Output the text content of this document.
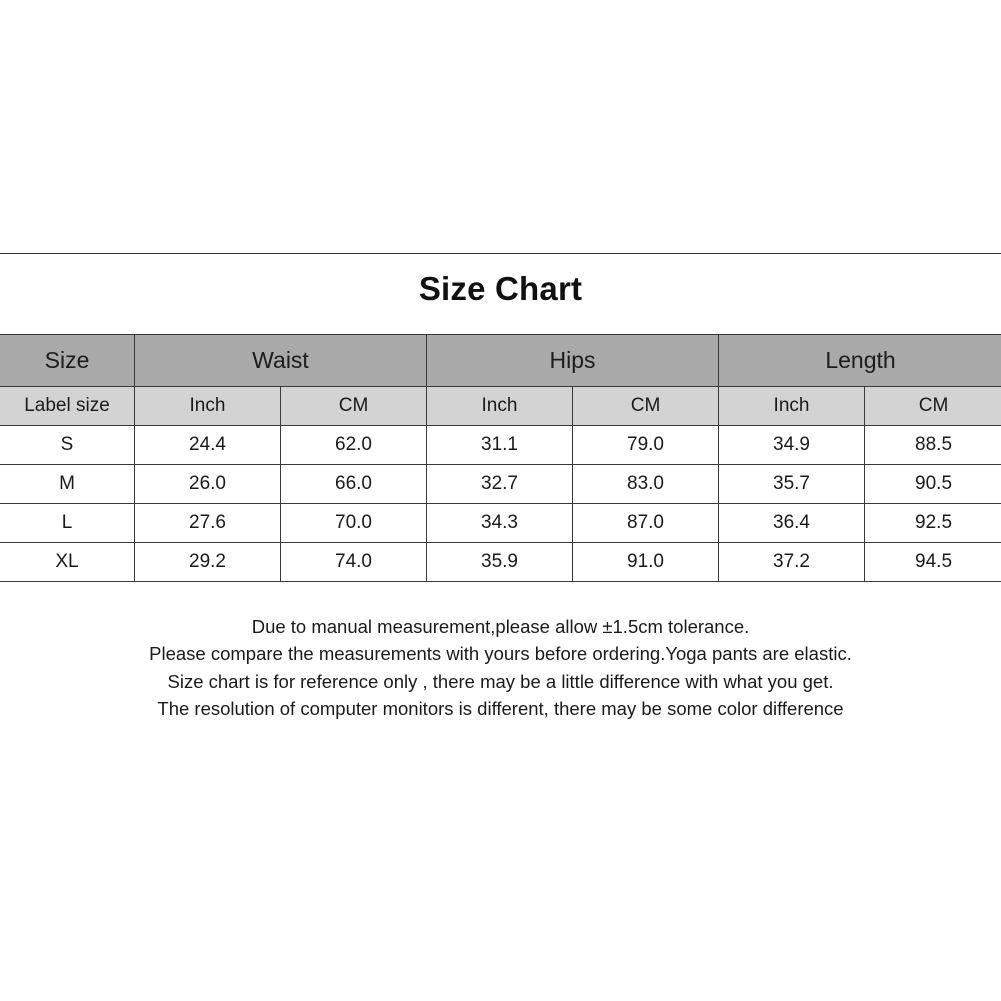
Size Chart
Size	Waist		Hips		Length	
Label size	Inch	CM	Inch	CM	Inch	CM
S	24.4	62.0	31.1	79.0	34.9	88.5
M	26.0	66.0	32.7	83.0	35.7	90.5
L	27.6	70.0	34.3	87.0	36.4	92.5
XL	29.2	74.0	35.9	91.0	37.2	94.5
Due to manual measurement,please allow ±1.5cm tolerance.
Please compare the measurements with yours before ordering.Yoga pants are elastic.
Size chart is for reference only , there may be a little difference with what you get.
The resolution of computer monitors is different, there may be some color difference
